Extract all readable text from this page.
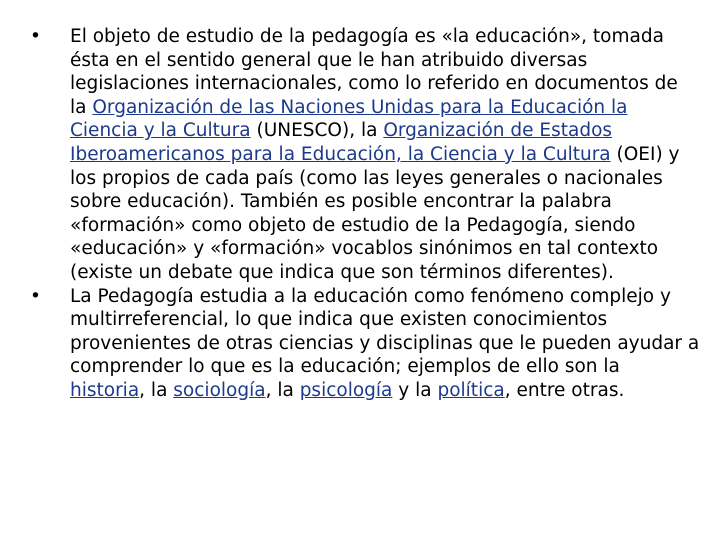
•	El objeto de estudio de la pedagogía es «la educación», tomada ésta en el sentido general que le han atribuido diversas legislaciones internacionales, como lo referido en documentos de la Organización de las Naciones Unidas para la Educación la Ciencia y la Cultura (UNESCO), la Organización de Estados Iberoamericanos para la Educación, la Ciencia y la Cultura (OEI) y los propios de cada país (como las leyes generales o nacionales sobre educación). También es posible encontrar la palabra «formación» como objeto de estudio de la Pedagogía, siendo «educación» y «formación» vocablos sinónimos en tal contexto (existe un debate que indica que son términos diferentes).
•	La Pedagogía estudia a la educación como fenómeno complejo y multirreferencial, lo que indica que existen conocimientos provenientes de otras ciencias y disciplinas que le pueden ayudar a comprender lo que es la educación; ejemplos de ello son la historia, la sociología, la psicología y la política, entre otras.
